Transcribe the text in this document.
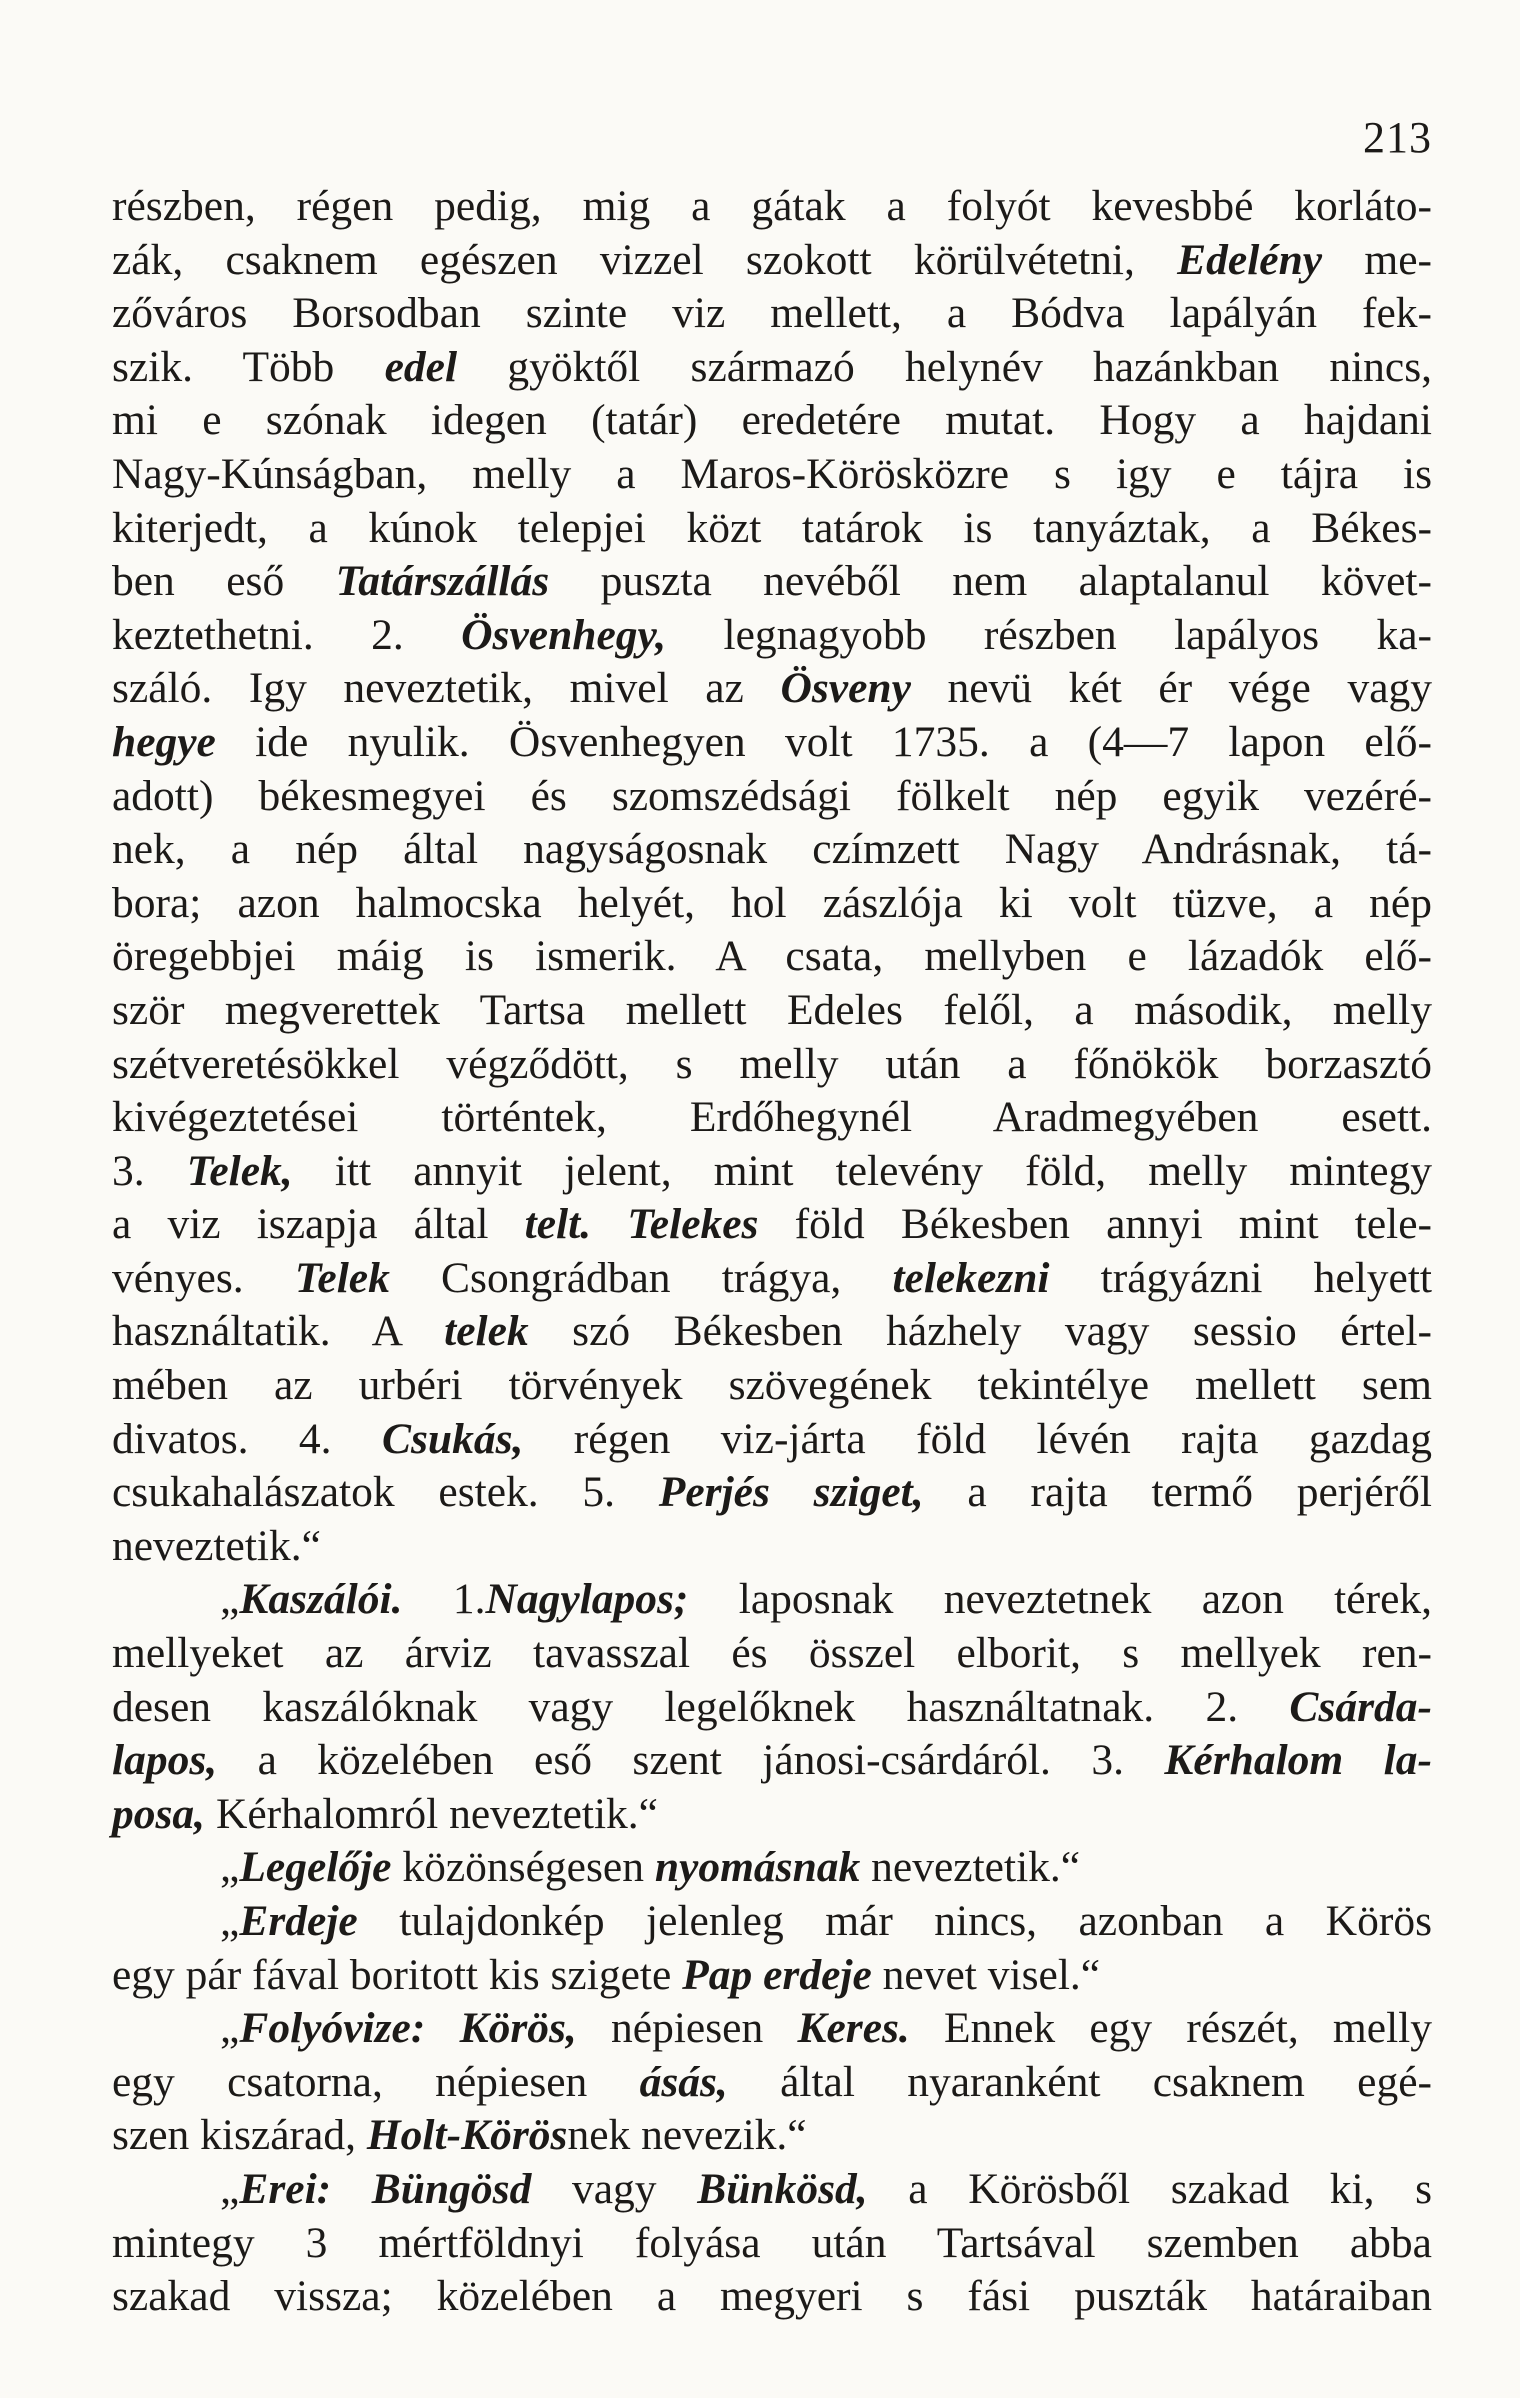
213
részben, régen pedig, mig a gátak a folyót kevesbbé korláto-
zák, csaknem egészen vizzel szokott körülvétetni, Edelény me-
zőváros Borsodban szinte viz mellett, a Bódva lapályán fek-
szik. Több edel gyöktől származó helynév hazánkban nincs,
mi e szónak idegen (tatár) eredetére mutat. Hogy a hajdani
Nagy-Kúnságban, melly a Maros-Körösközre s igy e tájra is
kiterjedt, a kúnok telepjei közt tatárok is tanyáztak, a Békes-
ben eső Tatárszállás puszta nevéből nem alaptalanul követ-
keztethetni. 2. Ösvenhegy, legnagyobb részben lapályos ka-
száló. Igy neveztetik, mivel az Ösveny nevü két ér vége vagy
hegye ide nyulik. Ösvenhegyen volt 1735. a (4—7 lapon elő-
adott) békesmegyei és szomszédsági fölkelt nép egyik vezéré-
nek, a nép által nagyságosnak czímzett Nagy Andrásnak, tá-
bora; azon halmocska helyét, hol zászlója ki volt tüzve, a nép
öregebbjei máig is ismerik. A csata, mellyben e lázadók elő-
ször megverettek Tartsa mellett Edeles felől, a második, melly
szétveretésökkel végződött, s melly után a főnökök borzasztó
kivégeztetései történtek, Erdőhegynél Aradmegyében esett.
3. Telek, itt annyit jelent, mint televény föld, melly mintegy
a viz iszapja által telt. Telekes föld Békesben annyi mint tele-
vényes. Telek Csongrádban trágya, telekezni trágyázni helyett
használtatik. A telek szó Békesben házhely vagy sessio értel-
mében az urbéri törvények szövegének tekintélye mellett sem
divatos. 4. Csukás, régen viz-járta föld lévén rajta gazdag
csukahalászatok estek. 5. Perjés sziget, a rajta termő perjéről
neveztetik.“
„Kaszálói. 1.Nagylapos; laposnak neveztetnek azon térek,
mellyeket az árviz tavasszal és összel elborit, s mellyek ren-
desen kaszálóknak vagy legelőknek használtatnak. 2. Csárda-
lapos, a közelében eső szent jánosi-csárdáról. 3. Kérhalom la-
posa, Kérhalomról neveztetik.“
„Legelője közönségesen nyomásnak neveztetik.“
„Erdeje tulajdonkép jelenleg már nincs, azonban a Körös
egy pár fával boritott kis szigete Pap erdeje nevet visel.“
„Folyóvize: Körös, népiesen Keres. Ennek egy részét, melly
egy csatorna, népiesen ásás, által nyaranként csaknem egé-
szen kiszárad, Holt-Körösnek nevezik.“
„Erei: Büngösd vagy Bünkösd, a Körösből szakad ki, s
mintegy 3 mértföldnyi folyása után Tartsával szemben abba
szakad vissza; közelében a megyeri s fási puszták határaiban
